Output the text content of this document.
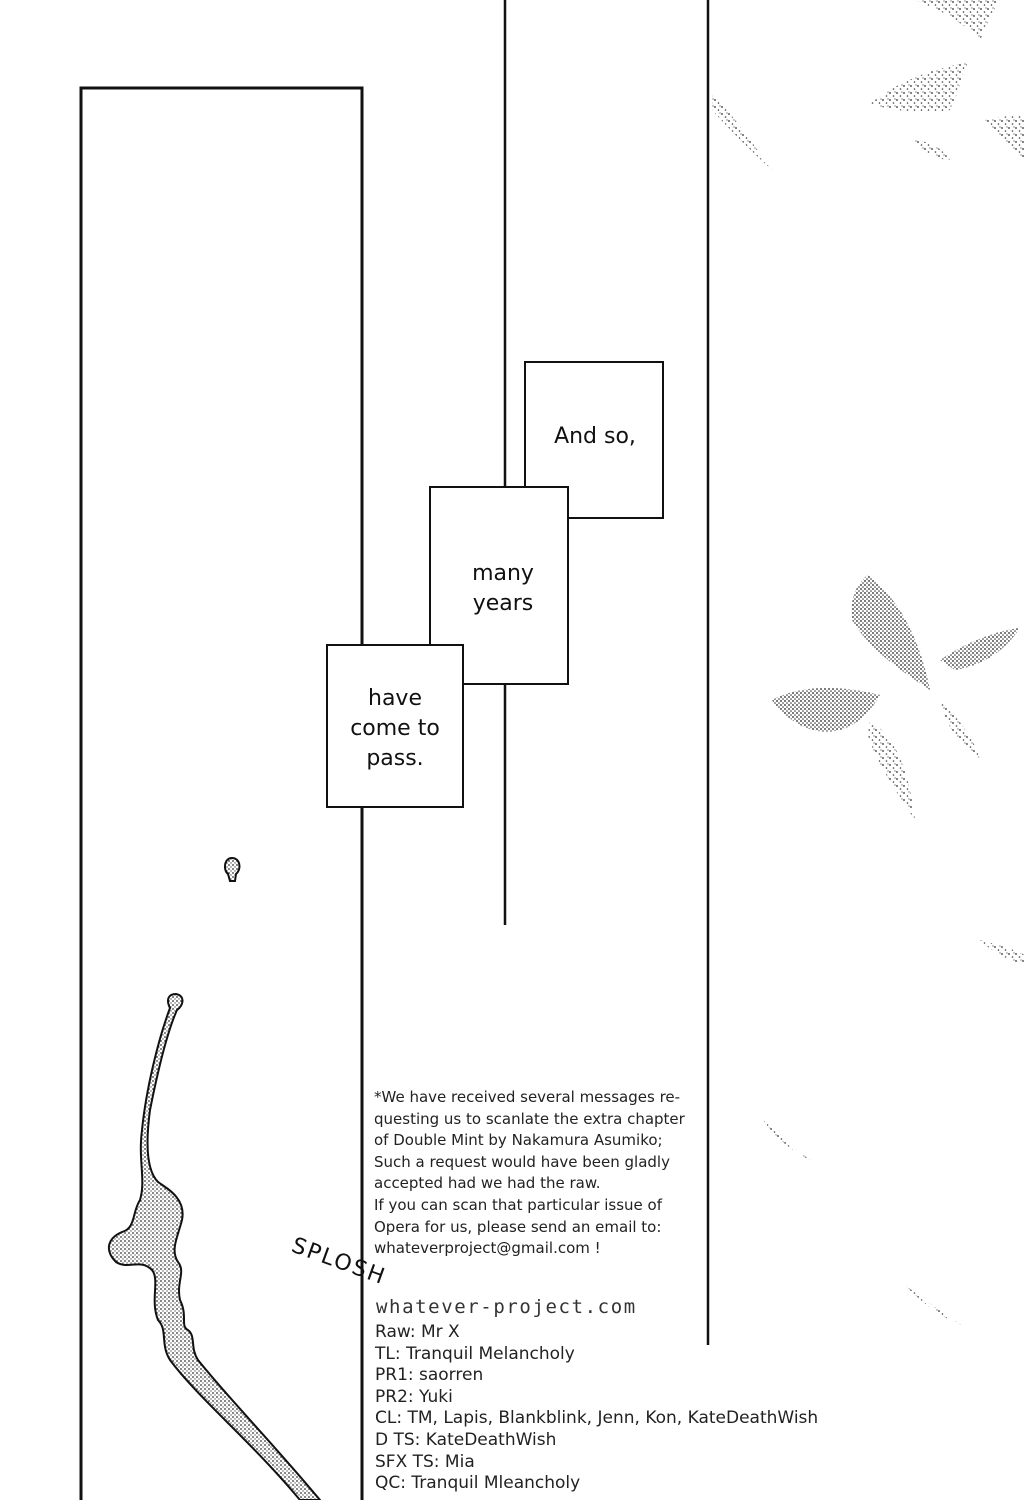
And so,
many
years
have
come to
pass.
SPLOSH
*We have received several messages re-
questing us to scanlate the extra chapter
of Double Mint by Nakamura Asumiko;
Such a request would have been gladly
accepted had we had the raw.
If you can scan that particular issue of
Opera for us, please send an email to:
whateverproject@gmail.com !
whatever-project.com
Raw: Mr X
TL: Tranquil Melancholy
PR1: saorren
PR2: Yuki
CL: TM, Lapis, Blankblink, Jenn, Kon, KateDeathWish
D TS: KateDeathWish
SFX TS: Mia
QC: Tranquil Mleancholy
